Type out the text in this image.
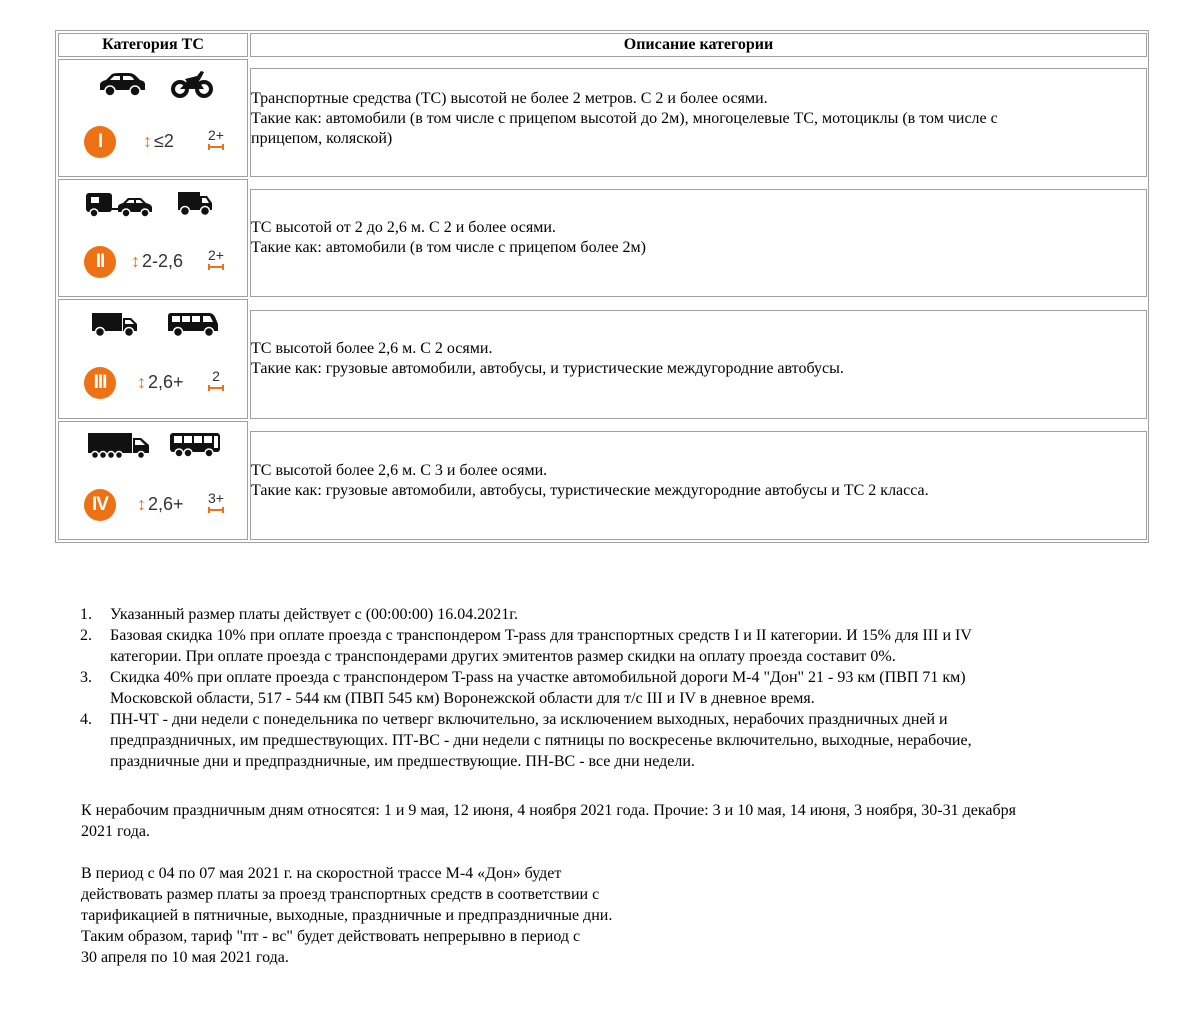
Категория ТС	Описание категории
I ↕ ≤2 2+
Транспортные средства (ТС) высотой не более 2 метров. С 2 и более осями.
Такие как: автомобили (в том числе с прицепом высотой до 2м), многоцелевые ТС, мотоциклы (в том числе с
прицепом, коляской)
II ↕ 2-2,6 2+
ТС высотой от 2 до 2,6 м. С 2 и более осями.
Такие как: автомобили (в том числе с прицепом более 2м)
III ↕ 2,6+	2
ТС высотой более 2,6 м. С 2 осями.
Такие как: грузовые автомобили, автобусы, и туристические междугородние автобусы.
IV ↕ 2,6+ 3+
ТС высотой более 2,6 м. С 3 и более осями.
Такие как: грузовые автомобили, автобусы, туристические междугородние автобусы и ТС 2 класса.
1. Указанный размер платы действует с (00:00:00) 16.04.2021г.
2. Базовая скидка 10% при оплате проезда с транспондером T-pass для транспортных средств I и II категории. И 15% для III и IV
категории. При оплате проезда с транспондерами других эмитентов размер скидки на оплату проезда составит 0%.
3. Скидка 40% при оплате проезда с транспондером T-pass на участке автомобильной дороги М-4 "Дон" 21 - 93 км (ПВП 71 км)
Московской области, 517 - 544 км (ПВП 545 км) Воронежской области для т/с III и IV в дневное время.
4. ПН-ЧТ - дни недели с понедельника по четверг включительно, за исключением выходных, нерабочих праздничных дней и
предпраздничных, им предшествующих. ПТ-ВС - дни недели с пятницы по воскресенье включительно, выходные, нерабочие,
праздничные дни и предпраздничные, им предшествующие. ПН-ВС - все дни недели.
К нерабочим праздничным дням относятся: 1 и 9 мая, 12 июня, 4 ноября 2021 года. Прочие: 3 и 10 мая, 14 июня, 3 ноября, 30-31 декабря
2021 года.
В период с 04 по 07 мая 2021 г. на скоростной трассе М-4 «Дон» будет
действовать размер платы за проезд транспортных средств в соответствии с
тарификацией в пятничные, выходные, праздничные и предпраздничные дни.
Таким образом, тариф "пт - вс" будет действовать непрерывно в период с
30 апреля по 10 мая 2021 года.
